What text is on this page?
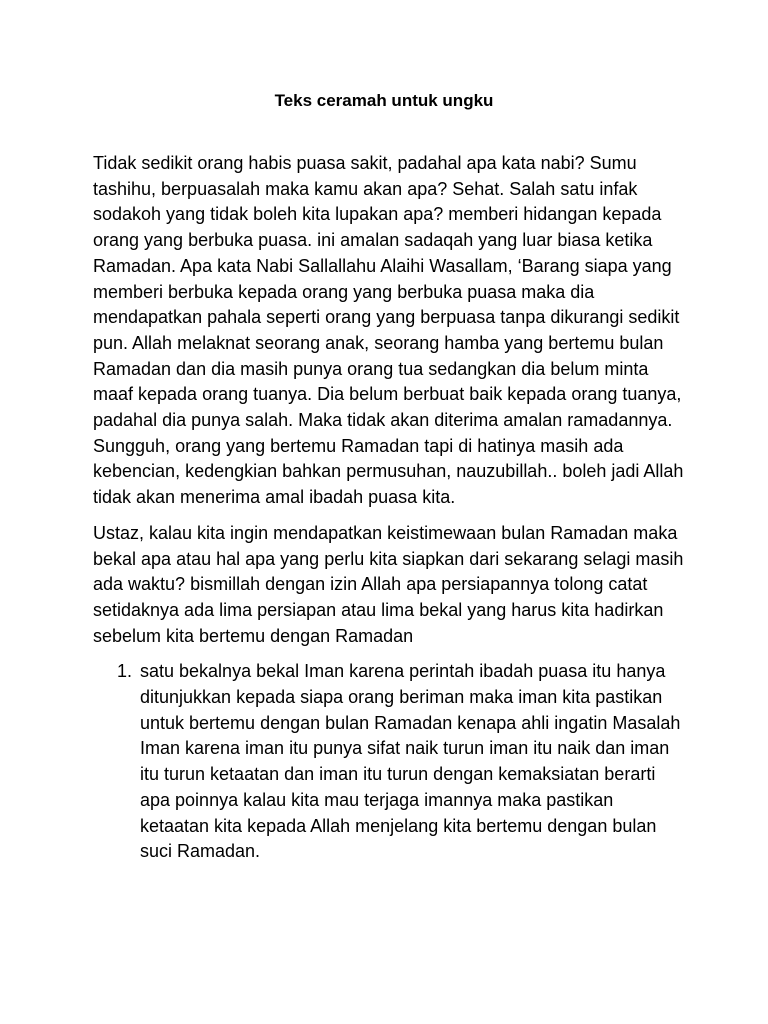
Teks ceramah untuk ungku

Tidak sedikit orang habis puasa sakit, padahal apa kata nabi? Sumu tashihu, berpuasalah maka kamu akan apa? Sehat. Salah satu infak sodakoh yang tidak boleh kita lupakan apa? memberi hidangan kepada orang yang berbuka puasa. ini amalan sadaqah yang luar biasa ketika Ramadan. Apa kata Nabi Sallallahu Alaihi Wasallam, ‘Barang siapa yang memberi berbuka kepada orang yang berbuka puasa maka dia mendapatkan pahala seperti orang yang berpuasa tanpa dikurangi sedikit pun. Allah melaknat seorang anak, seorang hamba yang bertemu bulan Ramadan dan dia masih punya orang tua sedangkan dia belum minta maaf kepada orang tuanya. Dia belum berbuat baik kepada orang tuanya, padahal dia punya salah. Maka tidak akan diterima amalan ramadannya. Sungguh, orang yang bertemu Ramadan tapi di hatinya masih ada kebencian, kedengkian bahkan permusuhan, nauzubillah.. boleh jadi Allah tidak akan menerima amal ibadah puasa kita.

Ustaz, kalau kita ingin mendapatkan keistimewaan bulan Ramadan maka bekal apa atau hal apa yang perlu kita siapkan dari sekarang selagi masih ada waktu? bismillah dengan izin Allah apa persiapannya tolong catat setidaknya ada lima persiapan atau lima bekal yang harus kita hadirkan sebelum kita bertemu dengan Ramadan

1. satu bekalnya bekal Iman karena perintah ibadah puasa itu hanya ditunjukkan kepada siapa orang beriman maka iman kita pastikan untuk bertemu dengan bulan Ramadan kenapa ahli ingatin Masalah Iman karena iman itu punya sifat naik turun iman itu naik dan iman itu turun ketaatan dan iman itu turun dengan kemaksiatan berarti apa poinnya kalau kita mau terjaga imannya maka pastikan ketaatan kita kepada Allah menjelang kita bertemu dengan bulan suci Ramadan.
